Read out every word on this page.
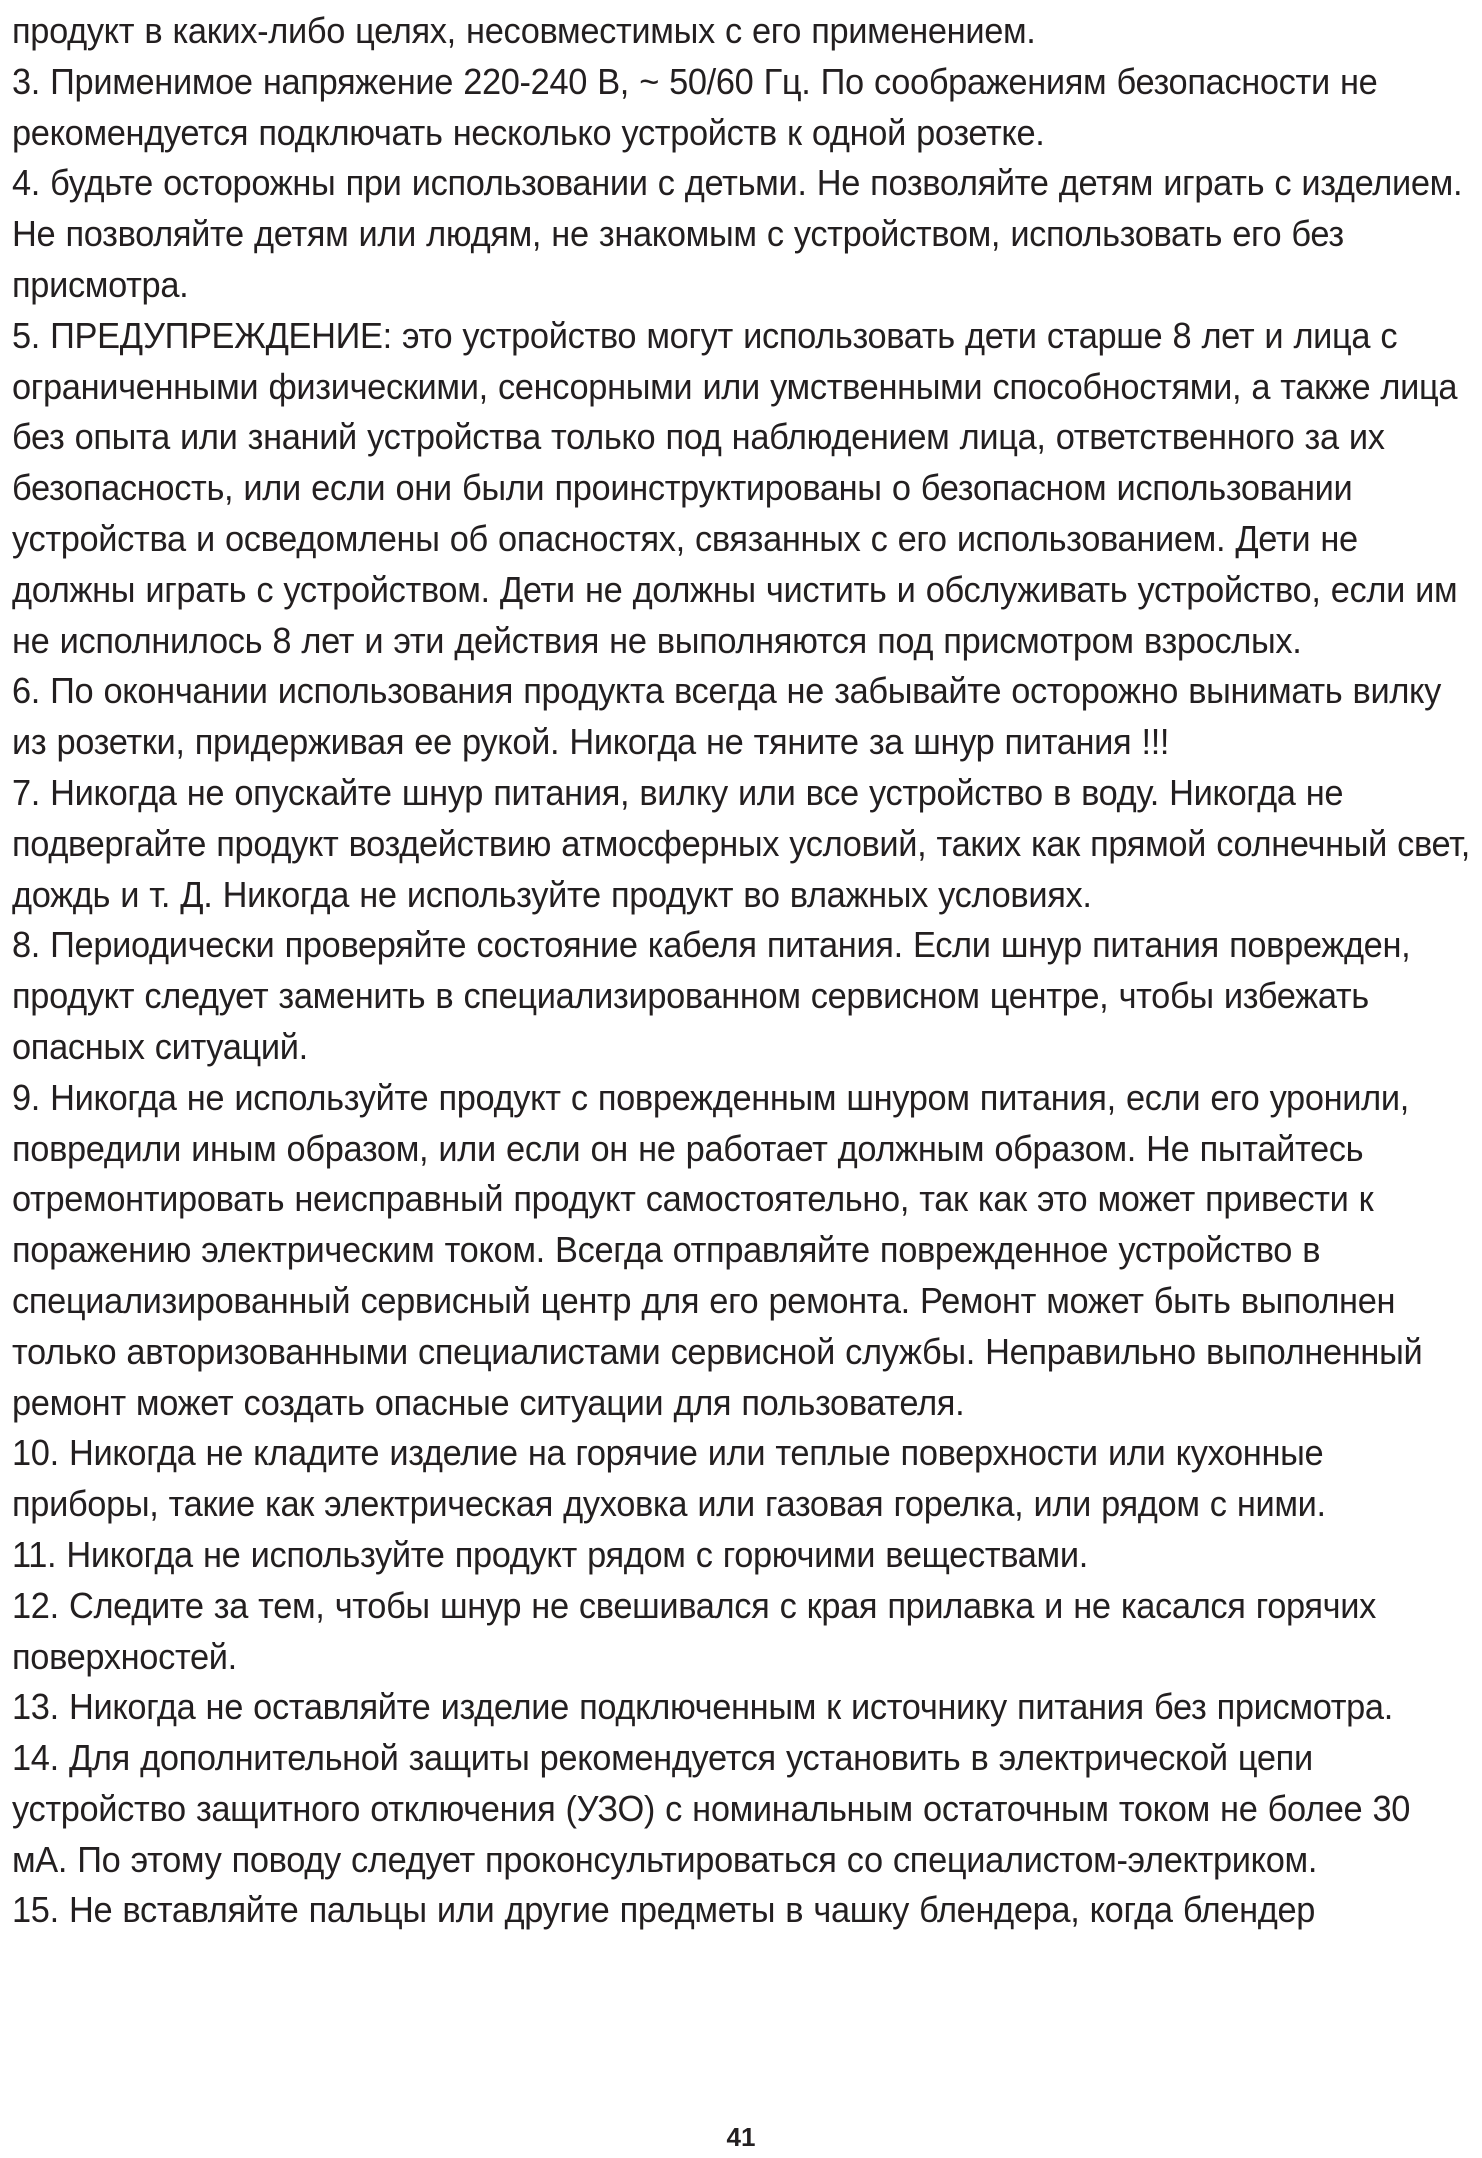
продукт в каких-либо целях, несовместимых с его применением.

3. Применимое напряжение 220-240 В, ~ 50/60 Гц. По соображениям безопасности не рекомендуется подключать несколько устройств к одной розетке.

4. будьте осторожны при использовании с детьми. Не позволяйте детям играть с изделием. Не позволяйте детям или людям, не знакомым с устройством, использовать его без присмотра.

5. ПРЕДУПРЕЖДЕНИЕ: это устройство могут использовать дети старше 8 лет и лица с ограниченными физическими, сенсорными или умственными способностями, а также лица без опыта или знаний устройства только под наблюдением лица, ответственного за их безопасность, или если они были проинструктированы о безопасном использовании устройства и осведомлены об опасностях, связанных с его использованием. Дети не должны играть с устройством. Дети не должны чистить и обслуживать устройство, если им не исполнилось 8 лет и эти действия не выполняются под присмотром взрослых.

6. По окончании использования продукта всегда не забывайте осторожно вынимать вилку из розетки, придерживая ее рукой. Никогда не тяните за шнур питания !!!

7. Никогда не опускайте шнур питания, вилку или все устройство в воду. Никогда не подвергайте продукт воздействию атмосферных условий, таких как прямой солнечный свет, дождь и т. Д. Никогда не используйте продукт во влажных условиях.

8. Периодически проверяйте состояние кабеля питания. Если шнур питания поврежден, продукт следует заменить в специализированном сервисном центре, чтобы избежать опасных ситуаций.

9. Никогда не используйте продукт с поврежденным шнуром питания, если его уронили, повредили иным образом, или если он не работает должным образом. Не пытайтесь отремонтировать неисправный продукт самостоятельно, так как это может привести к поражению электрическим током. Всегда отправляйте поврежденное устройство в специализированный сервисный центр для его ремонта. Ремонт может быть выполнен только авторизованными специалистами сервисной службы. Неправильно выполненный ремонт может создать опасные ситуации для пользователя.

10. Никогда не кладите изделие на горячие или теплые поверхности или кухонные приборы, такие как электрическая духовка или газовая горелка, или рядом с ними.

11. Никогда не используйте продукт рядом с горючими веществами.

12. Следите за тем, чтобы шнур не свешивался с края прилавка и не касался горячих поверхностей.

13. Никогда не оставляйте изделие подключенным к источнику питания без присмотра.

14. Для дополнительной защиты рекомендуется установить в электрической цепи устройство защитного отключения (УЗО) с номинальным остаточным током не более 30 мА. По этому поводу следует проконсультироваться со специалистом-электриком.

15. Не вставляйте пальцы или другие предметы в чашку блендера, когда блендер

41
